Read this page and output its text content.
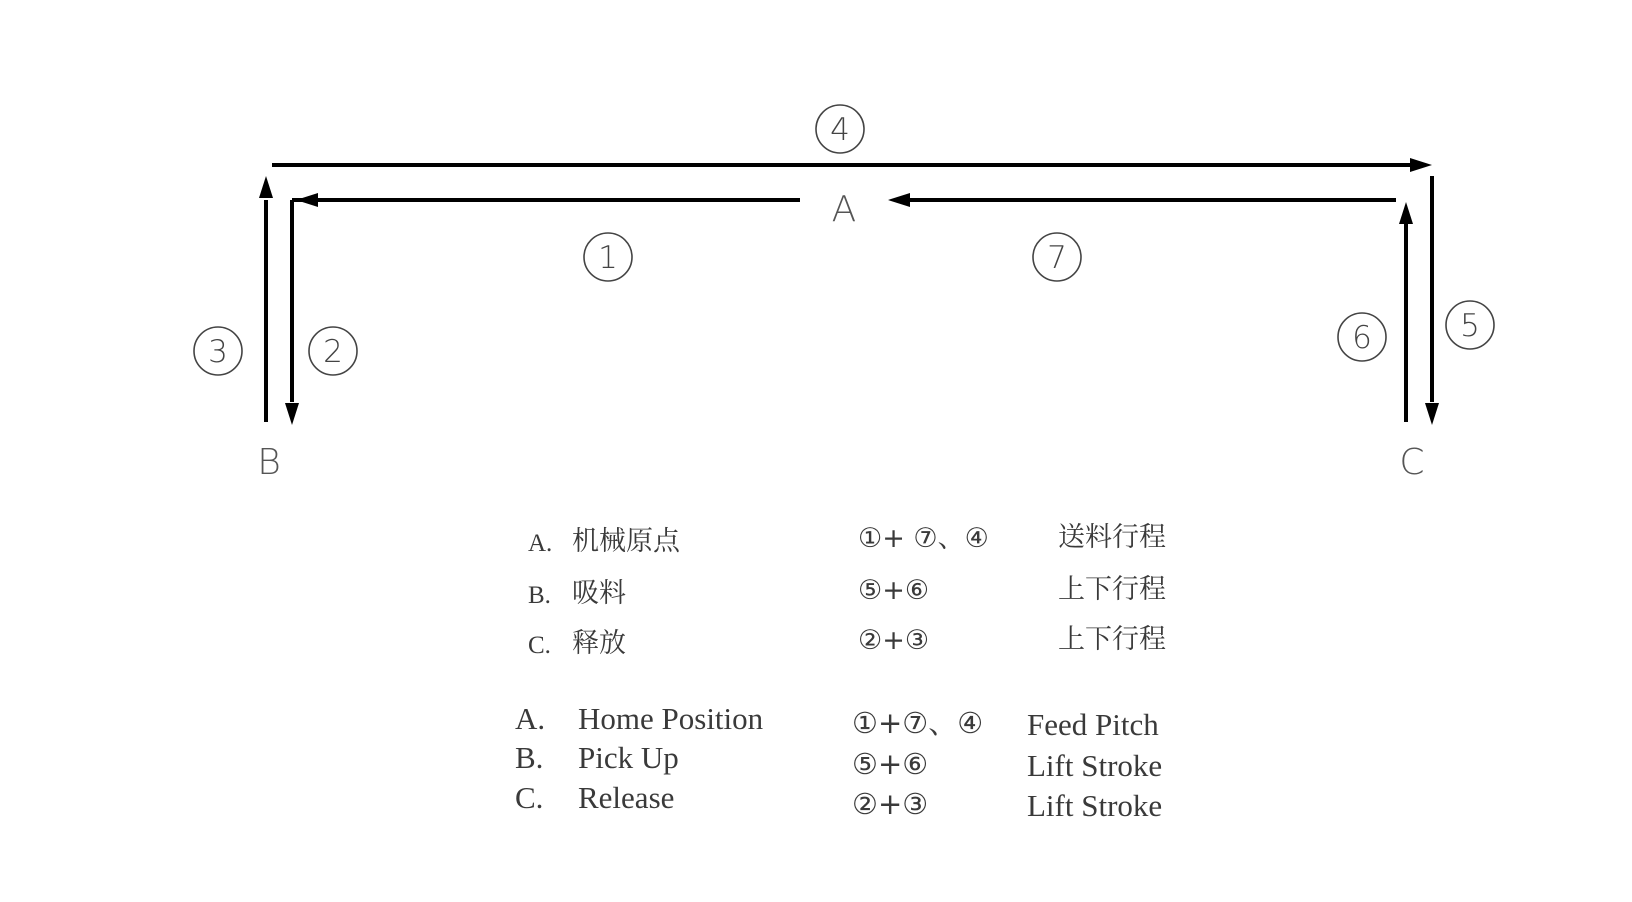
4
1	7
3	2	6	5
A
B	C
A. 机械原点	①+ ⑦、④	送料行程
B. 吸料	⑤+⑥	上下行程
C. 释放	②+③	上下行程
A. Home Position	①+⑦、④ Feed Pitch
B. Pick Up	⑤+⑥	Lift Stroke
C. Release	②+③	Lift Stroke
